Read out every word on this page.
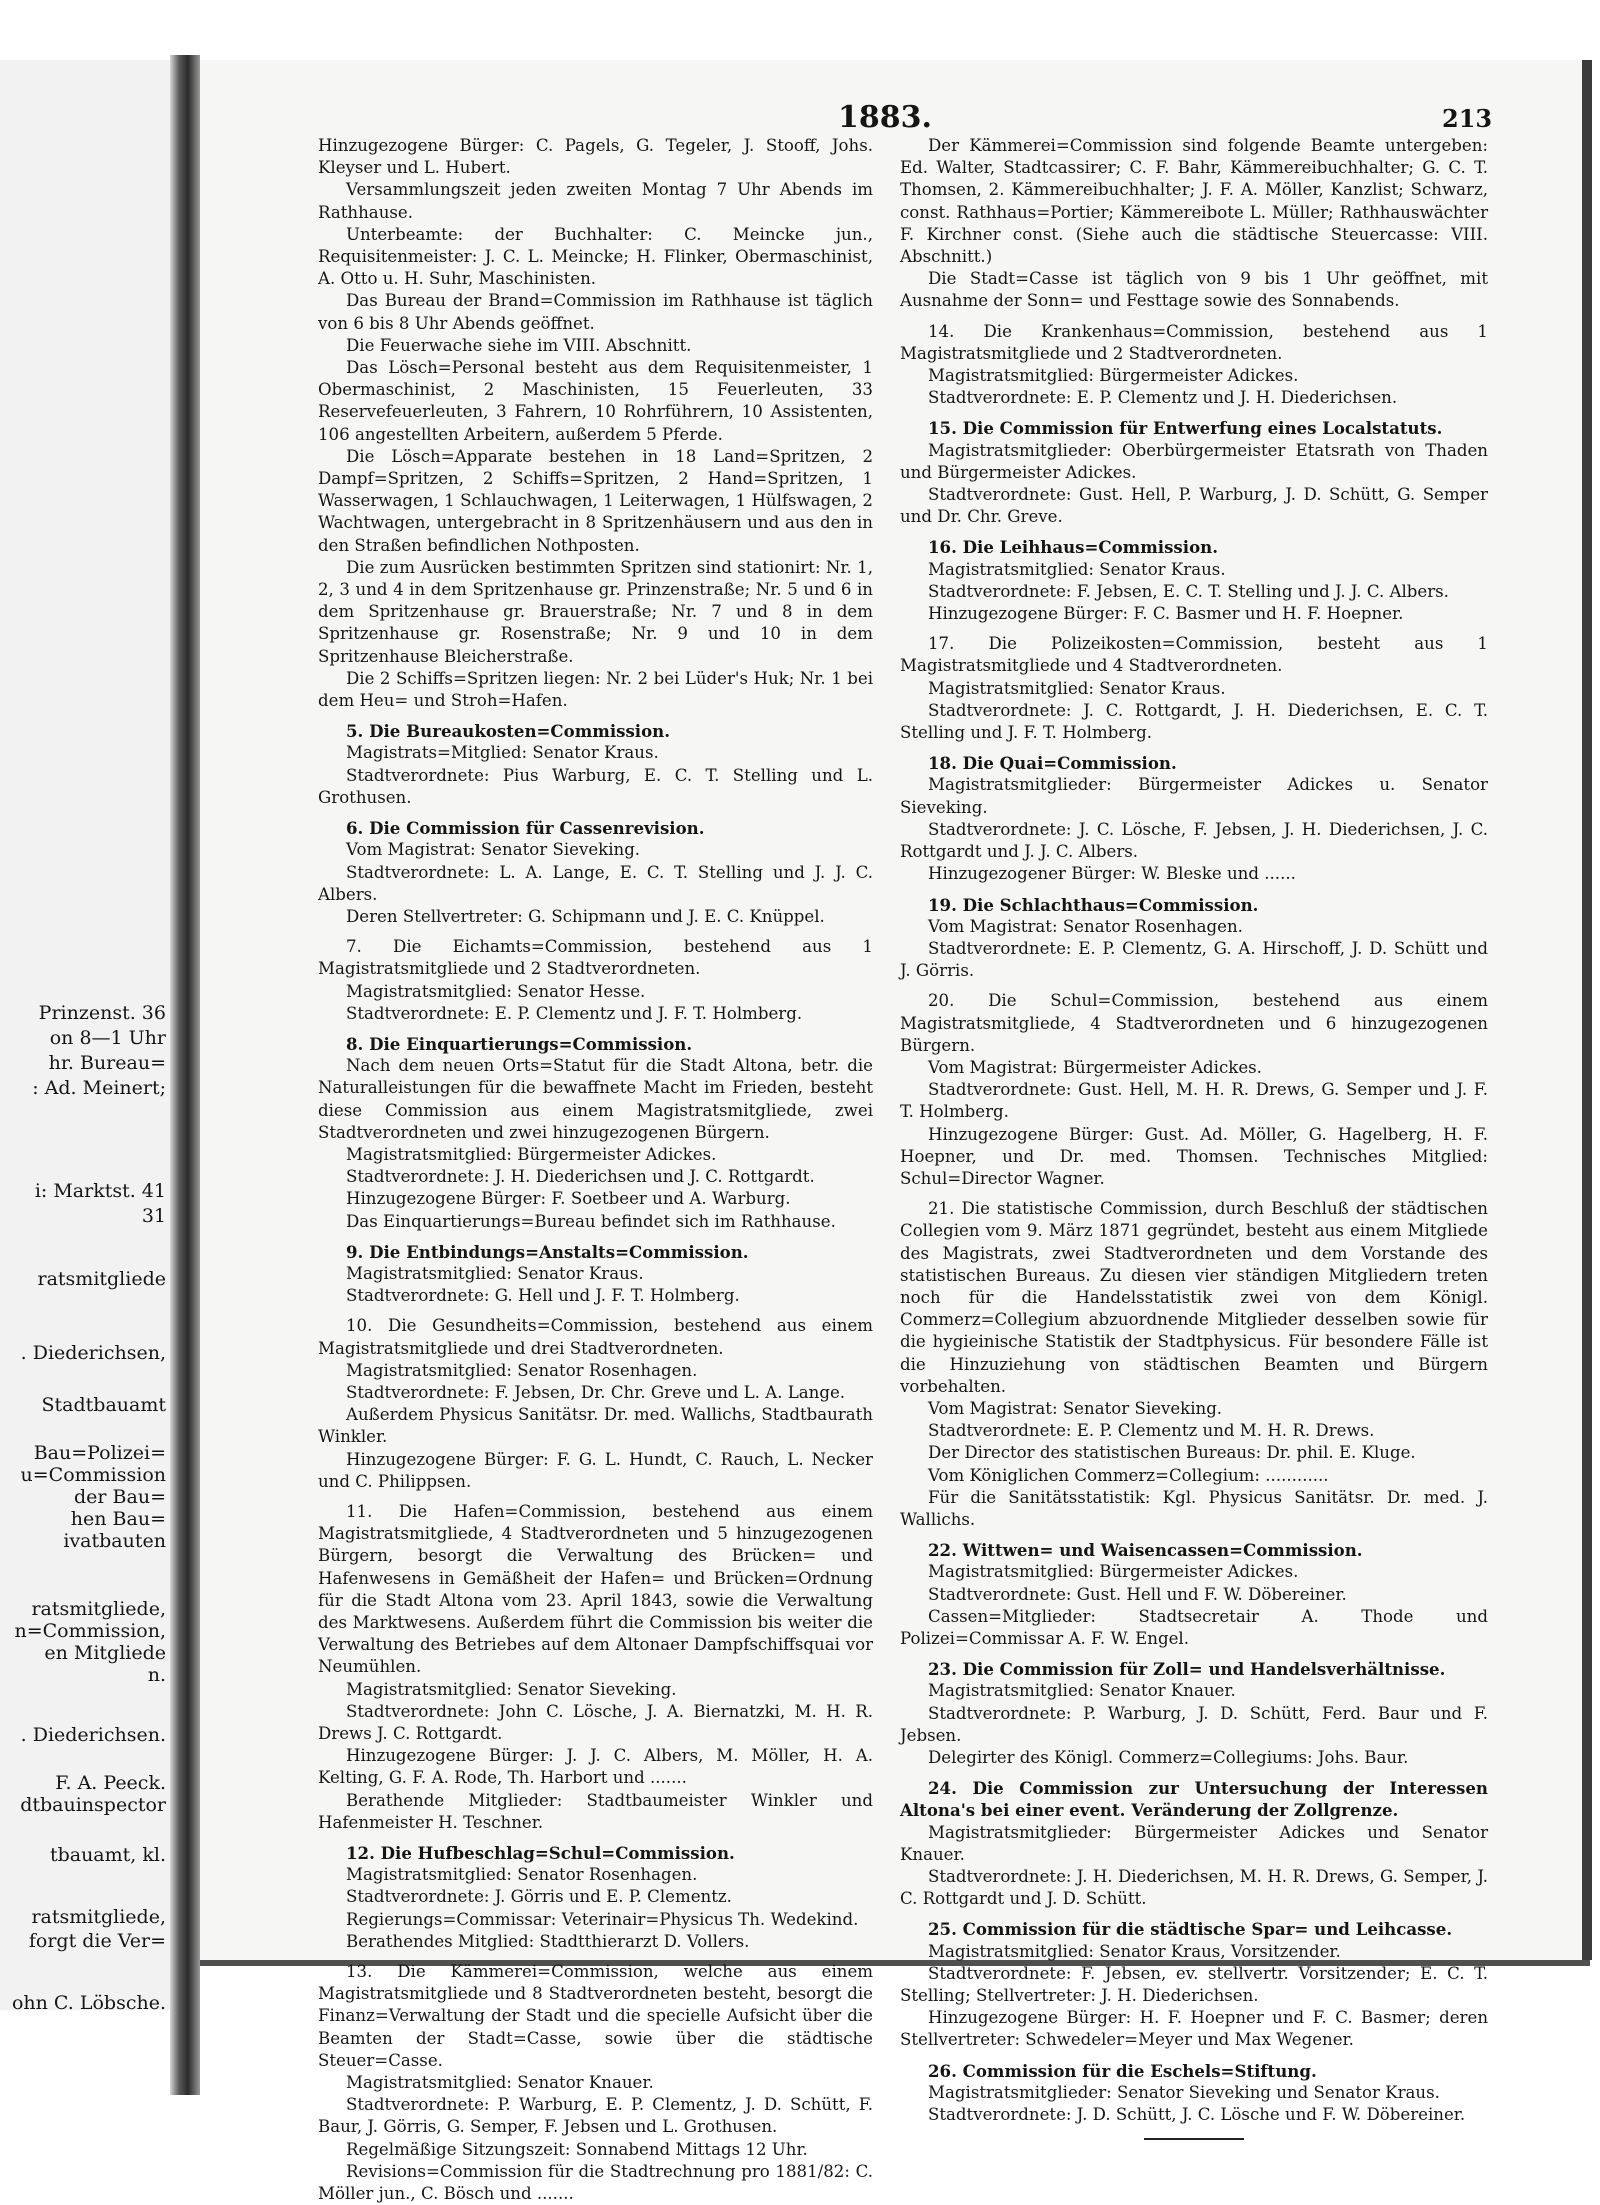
Prinzenst. 36
on 8—1 Uhr
hr. Bureau=
: Ad. Meinert;
i: Marktst. 41
31
ratsmitgliede
. Diederichsen,
Stadtbauamt
Bau=Polizei=
u=Commission
der Bau=
hen Bau=
ivatbauten
ratsmitgliede,
n=Commission,
en Mitgliede
n.
. Diederichsen.
F. A. Peeck.
dtbauinspector
tbauamt, kl.
ratsmitgliede,
forgt die Ver=
ohn C. Löbsche.
1883.	213

Hinzugezogene Bürger: C. Pagels, G. Tegeler, J. Stooff, Johs. Kleyser und L. Hubert.

Versammlungszeit jeden zweiten Montag 7 Uhr Abends im Rathhause.

Unterbeamte: der Buchhalter: C. Meincke jun., Requisitenmeister: J. C. L. Meincke; H. Flinker, Obermaschinist, A. Otto u. H. Suhr, Maschinisten.

Das Bureau der Brand=Commission im Rathhause ist täglich von 6 bis 8 Uhr Abends geöffnet.

Die Feuerwache siehe im VIII. Abschnitt.

Das Lösch=Personal besteht aus dem Requisitenmeister, 1 Obermaschinist, 2 Maschinisten, 15 Feuerleuten, 33 Reservefeuerleuten, 3 Fahrern, 10 Rohrführern, 10 Assistenten, 106 angestellten Arbeitern, außerdem 5 Pferde.

Die Lösch=Apparate bestehen in 18 Land=Spritzen, 2 Dampf=Spritzen, 2 Schiffs=Spritzen, 2 Hand=Spritzen, 1 Wasserwagen, 1 Schlauchwagen, 1 Leiterwagen, 1 Hülfswagen, 2 Wachtwagen, untergebracht in 8 Spritzenhäusern und aus den in den Straßen befindlichen Nothposten.

Die zum Ausrücken bestimmten Spritzen sind stationirt: Nr. 1, 2, 3 und 4 in dem Spritzenhause gr. Prinzenstraße; Nr. 5 und 6 in dem Spritzenhause gr. Brauerstraße; Nr. 7 und 8 in dem Spritzenhause gr. Rosenstraße; Nr. 9 und 10 in dem Spritzenhause Bleicherstraße.

Die 2 Schiffs=Spritzen liegen: Nr. 2 bei Lüder's Huk; Nr. 1 bei dem Heu= und Stroh=Hafen.

5. Die Bureaukosten=Commission.

Magistrats=Mitglied: Senator Kraus.

Stadtverordnete: Pius Warburg, E. C. T. Stelling und L. Grothusen.

6. Die Commission für Cassenrevision.

Vom Magistrat: Senator Sieveking.

Stadtverordnete: L. A. Lange, E. C. T. Stelling und J. J. C. Albers.

Deren Stellvertreter: G. Schipmann und J. E. C. Knüppel.

7. Die Eichamts=Commission, bestehend aus 1 Magistratsmitgliede und 2 Stadtverordneten.

Magistratsmitglied: Senator Hesse.

Stadtverordnete: E. P. Clementz und J. F. T. Holmberg.

8. Die Einquartierungs=Commission.

Nach dem neuen Orts=Statut für die Stadt Altona, betr. die Naturalleistungen für die bewaffnete Macht im Frieden, besteht diese Commission aus einem Magistratsmitgliede, zwei Stadtverordneten und zwei hinzugezogenen Bürgern.

Magistratsmitglied: Bürgermeister Adickes.

Stadtverordnete: J. H. Diederichsen und J. C. Rottgardt.

Hinzugezogene Bürger: F. Soetbeer und A. Warburg.

Das Einquartierungs=Bureau befindet sich im Rathhause.

9. Die Entbindungs=Anstalts=Commission.

Magistratsmitglied: Senator Kraus.

Stadtverordnete: G. Hell und J. F. T. Holmberg.

10. Die Gesundheits=Commission, bestehend aus einem Magistratsmitgliede und drei Stadtverordneten.

Magistratsmitglied: Senator Rosenhagen.

Stadtverordnete: F. Jebsen, Dr. Chr. Greve und L. A. Lange.

Außerdem Physicus Sanitätsr. Dr. med. Wallichs, Stadtbaurath Winkler.

Hinzugezogene Bürger: F. G. L. Hundt, C. Rauch, L. Necker und C. Philippsen.

11. Die Hafen=Commission, bestehend aus einem Magistratsmitgliede, 4 Stadtverordneten und 5 hinzugezogenen Bürgern, besorgt die Verwaltung des Brücken= und Hafenwesens in Gemäßheit der Hafen= und Brücken=Ordnung für die Stadt Altona vom 23. April 1843, sowie die Verwaltung des Marktwesens. Außerdem führt die Commission bis weiter die Verwaltung des Betriebes auf dem Altonaer Dampfschiffsquai vor Neumühlen.

Magistratsmitglied: Senator Sieveking.

Stadtverordnete: John C. Lösche, J. A. Biernatzki, M. H. R. Drews J. C. Rottgardt.

Hinzugezogene Bürger: J. J. C. Albers, M. Möller, H. A. Kelting, G. F. A. Rode, Th. Harbort und .......

Berathende Mitglieder: Stadtbaumeister Winkler und Hafenmeister H. Teschner.

12. Die Hufbeschlag=Schul=Commission.

Magistratsmitglied: Senator Rosenhagen.

Stadtverordnete: J. Görris und E. P. Clementz.

Regierungs=Commissar: Veterinair=Physicus Th. Wedekind.

Berathendes Mitglied: Stadtthierarzt D. Vollers.

13. Die Kämmerei=Commission, welche aus einem Magistratsmitgliede und 8 Stadtverordneten besteht, besorgt die Finanz=Verwaltung der Stadt und die specielle Aufsicht über die Beamten der Stadt=Casse, sowie über die städtische Steuer=Casse.

Magistratsmitglied: Senator Knauer.

Stadtverordnete: P. Warburg, E. P. Clementz, J. D. Schütt, F. Baur, J. Görris, G. Semper, F. Jebsen und L. Grothusen.

Regelmäßige Sitzungszeit: Sonnabend Mittags 12 Uhr.

Revisions=Commission für die Stadtrechnung pro 1881/82: C. Möller jun., C. Bösch und .......

Der Kämmerei=Commission sind folgende Beamte untergeben: Ed. Walter, Stadtcassirer; C. F. Bahr, Kämmereibuchhalter; G. C. T. Thomsen, 2. Kämmereibuchhalter; J. F. A. Möller, Kanzlist; Schwarz, const. Rathhaus=Portier; Kämmereibote L. Müller; Rathhauswächter F. Kirchner const. (Siehe auch die städtische Steuercasse: VIII. Abschnitt.)

Die Stadt=Casse ist täglich von 9 bis 1 Uhr geöffnet, mit Ausnahme der Sonn= und Festtage sowie des Sonnabends.

14. Die Krankenhaus=Commission, bestehend aus 1 Magistratsmitgliede und 2 Stadtverordneten.

Magistratsmitglied: Bürgermeister Adickes.

Stadtverordnete: E. P. Clementz und J. H. Diederichsen.

15. Die Commission für Entwerfung eines Localstatuts.

Magistratsmitglieder: Oberbürgermeister Etatsrath von Thaden und Bürgermeister Adickes.

Stadtverordnete: Gust. Hell, P. Warburg, J. D. Schütt, G. Semper und Dr. Chr. Greve.

16. Die Leihhaus=Commission.

Magistratsmitglied: Senator Kraus.

Stadtverordnete: F. Jebsen, E. C. T. Stelling und J. J. C. Albers.

Hinzugezogene Bürger: F. C. Basmer und H. F. Hoepner.

17. Die Polizeikosten=Commission, besteht aus 1 Magistratsmitgliede und 4 Stadtverordneten.

Magistratsmitglied: Senator Kraus.

Stadtverordnete: J. C. Rottgardt, J. H. Diederichsen, E. C. T. Stelling und J. F. T. Holmberg.

18. Die Quai=Commission.

Magistratsmitglieder: Bürgermeister Adickes u. Senator Sieveking.

Stadtverordnete: J. C. Lösche, F. Jebsen, J. H. Diederichsen, J. C. Rottgardt und J. J. C. Albers.

Hinzugezogener Bürger: W. Bleske und ......

19. Die Schlachthaus=Commission.

Vom Magistrat: Senator Rosenhagen.

Stadtverordnete: E. P. Clementz, G. A. Hirschoff, J. D. Schütt und J. Görris.

20. Die Schul=Commission, bestehend aus einem Magistratsmitgliede, 4 Stadtverordneten und 6 hinzugezogenen Bürgern.

Vom Magistrat: Bürgermeister Adickes.

Stadtverordnete: Gust. Hell, M. H. R. Drews, G. Semper und J. F. T. Holmberg.

Hinzugezogene Bürger: Gust. Ad. Möller, G. Hagelberg, H. F. Hoepner, und Dr. med. Thomsen. Technisches Mitglied: Schul=Director Wagner.

21. Die statistische Commission, durch Beschluß der städtischen Collegien vom 9. März 1871 gegründet, besteht aus einem Mitgliede des Magistrats, zwei Stadtverordneten und dem Vorstande des statistischen Bureaus. Zu diesen vier ständigen Mitgliedern treten noch für die Handelsstatistik zwei von dem Königl. Commerz=Collegium abzuordnende Mitglieder desselben sowie für die hygieinische Statistik der Stadtphysicus. Für besondere Fälle ist die Hinzuziehung von städtischen Beamten und Bürgern vorbehalten.

Vom Magistrat: Senator Sieveking.

Stadtverordnete: E. P. Clementz und M. H. R. Drews.

Der Director des statistischen Bureaus: Dr. phil. E. Kluge.

Vom Königlichen Commerz=Collegium: ............

Für die Sanitätsstatistik: Kgl. Physicus Sanitätsr. Dr. med. J. Wallichs.

22. Wittwen= und Waisencassen=Commission.

Magistratsmitglied: Bürgermeister Adickes.

Stadtverordnete: Gust. Hell und F. W. Döbereiner.

Cassen=Mitglieder: Stadtsecretair A. Thode und Polizei=Commissar A. F. W. Engel.

23. Die Commission für Zoll= und Handelsverhältnisse.

Magistratsmitglied: Senator Knauer.

Stadtverordnete: P. Warburg, J. D. Schütt, Ferd. Baur und F. Jebsen.

Delegirter des Königl. Commerz=Collegiums: Johs. Baur.

24. Die Commission zur Untersuchung der Interessen Altona's bei einer event. Veränderung der Zollgrenze.

Magistratsmitglieder: Bürgermeister Adickes und Senator Knauer.

Stadtverordnete: J. H. Diederichsen, M. H. R. Drews, G. Semper, J. C. Rottgardt und J. D. Schütt.

25. Commission für die städtische Spar= und Leihcasse.

Magistratsmitglied: Senator Kraus, Vorsitzender.

Stadtverordnete: F. Jebsen, ev. stellvertr. Vorsitzender; E. C. T. Stelling; Stellvertreter: J. H. Diederichsen.

Hinzugezogene Bürger: H. F. Hoepner und F. C. Basmer; deren Stellvertreter: Schwedeler=Meyer und Max Wegener.

26. Commission für die Eschels=Stiftung.

Magistratsmitglieder: Senator Sieveking und Senator Kraus.

Stadtverordnete: J. D. Schütt, J. C. Lösche und F. W. Döbereiner.
